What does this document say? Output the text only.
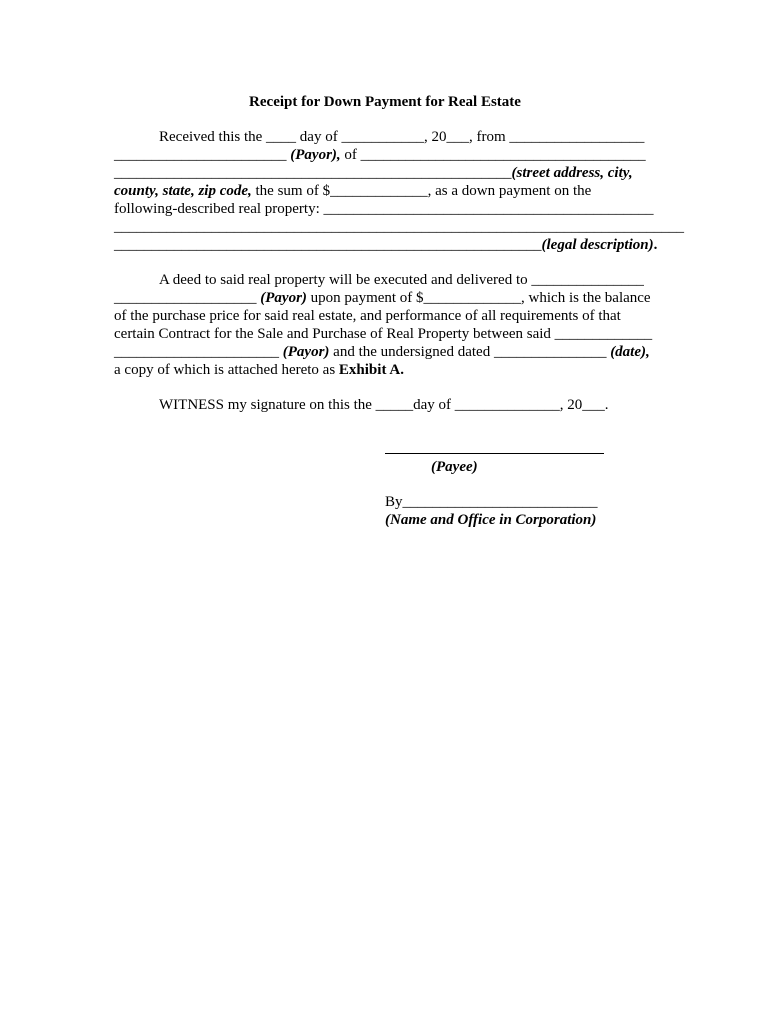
Receipt for Down Payment for Real Estate
Received this the ____ day of ___________, 20___, from __________________
_______________________ (Payor), of ______________________________________
_____________________________________________________(street address, city,
county, state, zip code, the sum of $_____________, as a down payment on the
following-described real property: ____________________________________________
____________________________________________________________________________
_________________________________________________________(legal description).
A deed to said real property will be executed and delivered to _______________
___________________ (Payor) upon payment of $_____________, which is the balance
of the purchase price for said real estate, and performance of all requirements of that
certain Contract for the Sale and Purchase of Real Property between said _____________
______________________ (Payor) and the undersigned dated _______________ (date),
a copy of which is attached hereto as Exhibit A.
WITNESS my signature on this the _____day of ______________, 20___.
(Payee)
By__________________________
(Name and Office in Corporation)
